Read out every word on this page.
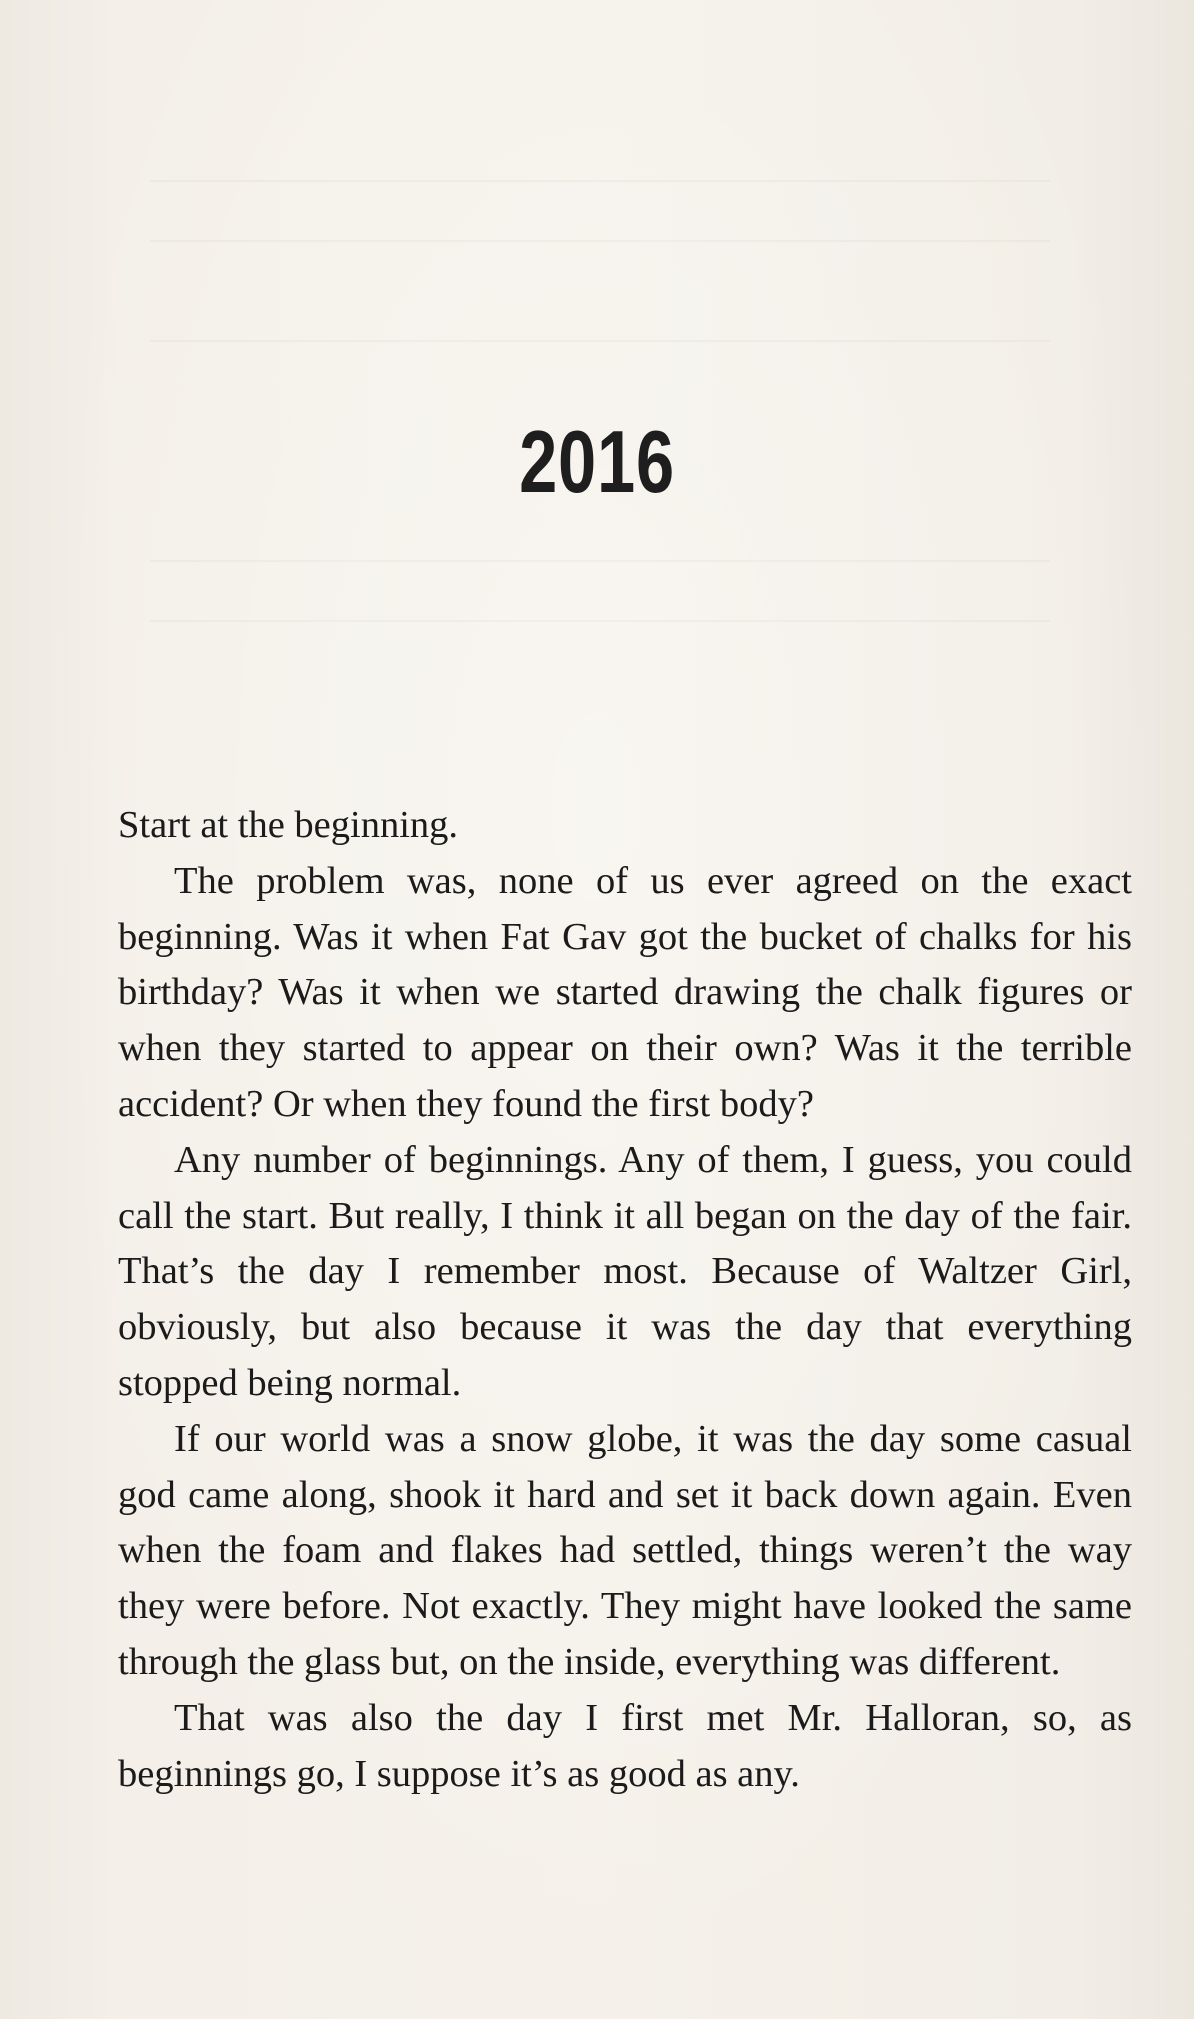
2016

Start at the beginning.

The problem was, none of us ever agreed on the exact beginning. Was it when Fat Gav got the bucket of chalks for his birthday? Was it when we started drawing the chalk figures or when they started to appear on their own? Was it the terrible accident? Or when they found the first body?

Any number of beginnings. Any of them, I guess, you could call the start. But really, I think it all began on the day of the fair. That’s the day I remember most. Because of Waltzer Girl, obviously, but also because it was the day that everything stopped being normal.

If our world was a snow globe, it was the day some casual god came along, shook it hard and set it back down again. Even when the foam and flakes had settled, things weren’t the way they were before. Not exactly. They might have looked the same through the glass but, on the inside, everything was different.

That was also the day I first met Mr. Halloran, so, as beginnings go, I suppose it’s as good as any.
